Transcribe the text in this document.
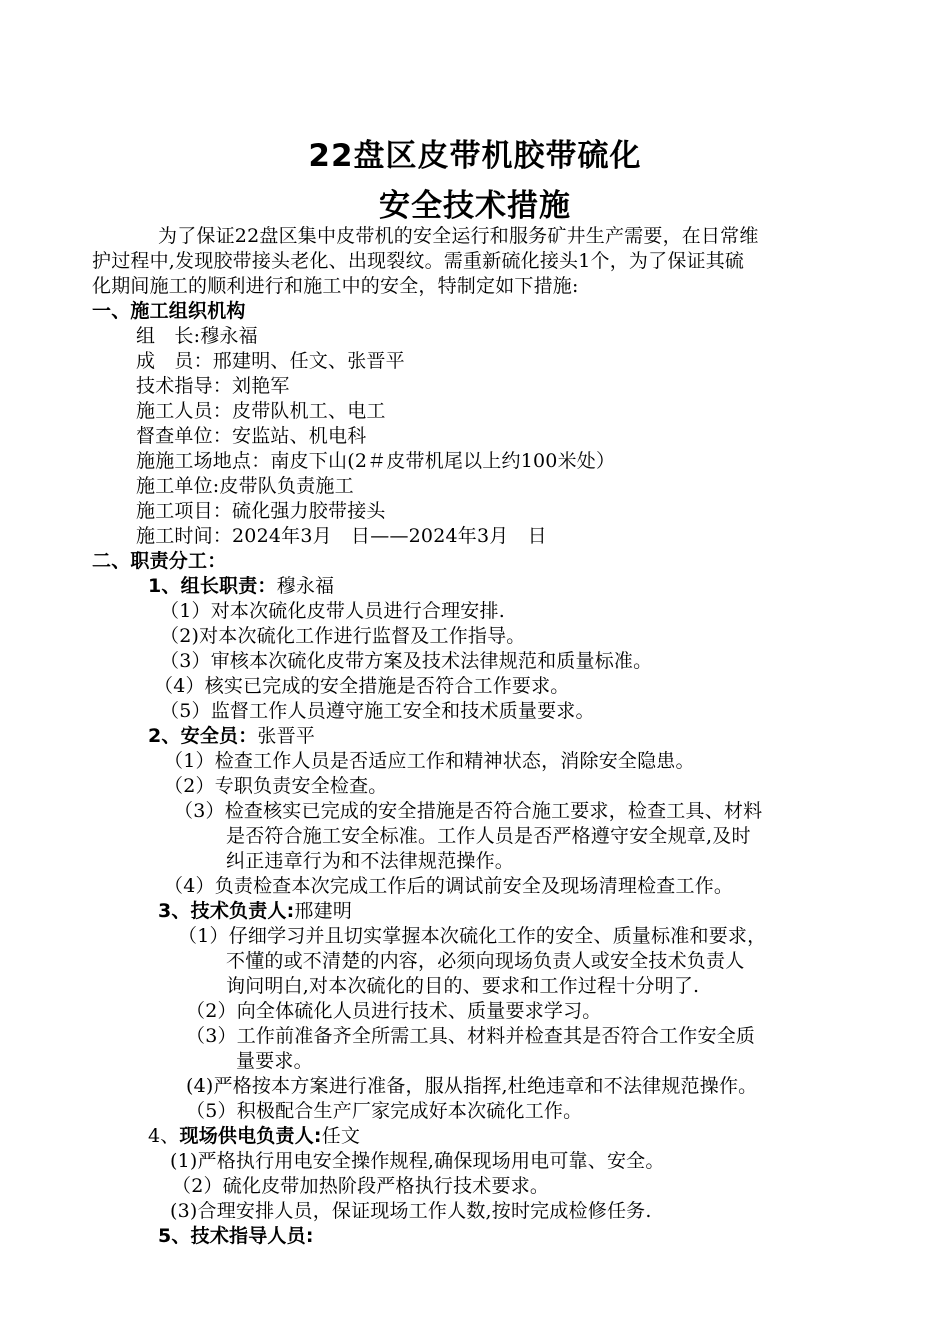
22盘区皮带机胶带硫化
安全技术措施
为了保证22盘区集中皮带机的安全运行和服务矿井生产需要，在日常维
护过程中,发现胶带接头老化、出现裂纹。需重新硫化接头1个，为了保证其硫
化期间施工的顺利进行和施工中的安全，特制定如下措施:
一、施工组织机构
组　长:穆永福
成　员：邢建明、任文、张晋平
技术指导：刘艳军
施工人员：皮带队机工、电工
督查单位：安监站、机电科
施施工场地点：南皮下山(2＃皮带机尾以上约100米处）
施工单位:皮带队负责施工
施工项目：硫化强力胶带接头
施工时间：2024年3月　日——2024年3月　日
二、职责分工：
1、组长职责：穆永福
（1）对本次硫化皮带人员进行合理安排.
（2)对本次硫化工作进行监督及工作指导。
（3）审核本次硫化皮带方案及技术法律规范和质量标准。
（4）核实已完成的安全措施是否符合工作要求。
（5）监督工作人员遵守施工安全和技术质量要求。
2、安全员：张晋平
（1）检查工作人员是否适应工作和精神状态，消除安全隐患。
（2）专职负责安全检查。
（3）检查核实已完成的安全措施是否符合施工要求，检查工具、材料
是否符合施工安全标准。工作人员是否严格遵守安全规章,及时
纠正违章行为和不法律规范操作。
（4）负责检查本次完成工作后的调试前安全及现场清理检查工作。
3、技术负责人:邢建明
（1）仔细学习并且切实掌握本次硫化工作的安全、质量标准和要求，
不懂的或不清楚的内容，必须向现场负责人或安全技术负责人
询问明白,对本次硫化的目的、要求和工作过程十分明了.
（2）向全体硫化人员进行技术、质量要求学习。
（3）工作前准备齐全所需工具、材料并检查其是否符合工作安全质
量要求。
(4)严格按本方案进行准备，服从指挥,杜绝违章和不法律规范操作。
（5）积极配合生产厂家完成好本次硫化工作。
4、现场供电负责人:任文
(1)严格执行用电安全操作规程,确保现场用电可靠、安全。
（2）硫化皮带加热阶段严格执行技术要求。
(3)合理安排人员，保证现场工作人数,按时完成检修任务.
5、技术指导人员:
